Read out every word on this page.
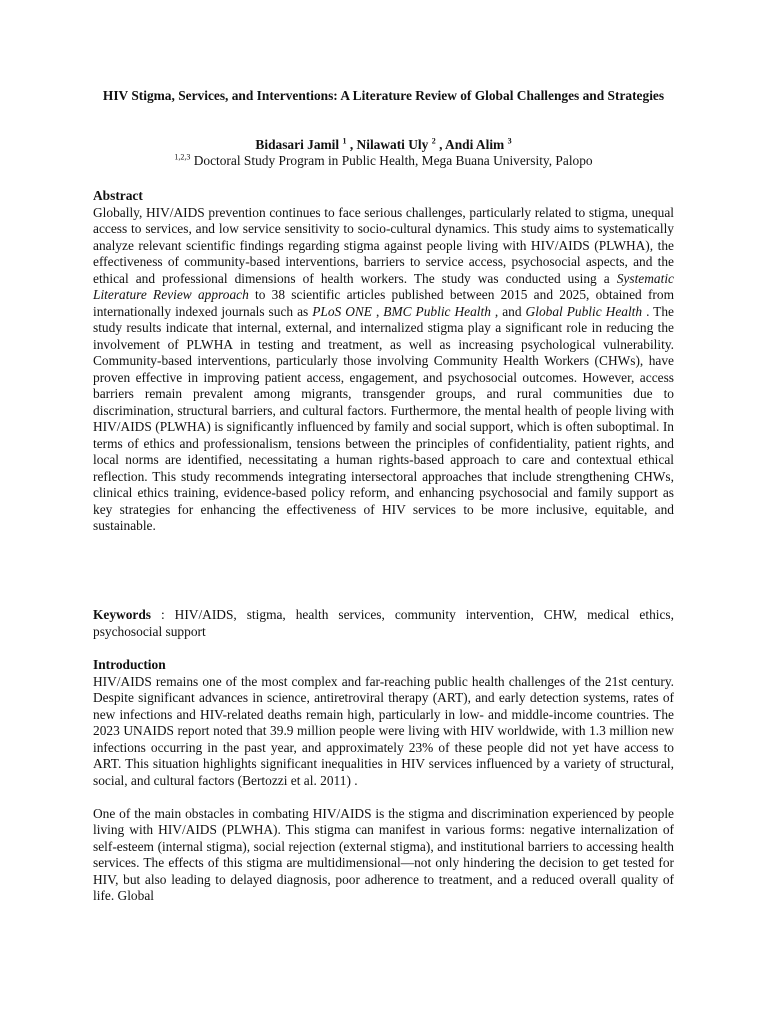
HIV Stigma, Services, and Interventions: A Literature Review of Global Challenges and Strategies
Bidasari Jamil $^1$ , Nilawati Uly $^2$ , Andi Alim $^3$
$^{1,2,3}$ Doctoral Study Program in Public Health, Mega Buana University, Palopo
Abstract

Globally, HIV/AIDS prevention continues to face serious challenges, particularly related to stigma, unequal access to services, and low service sensitivity to socio-cultural dynamics. This study aims to systematically analyze relevant scientific findings regarding stigma against people living with HIV/AIDS (PLWHA), the effectiveness of community-based interventions, barriers to service access, psychosocial aspects, and the ethical and professional dimensions of health workers. The study was conducted using a Systematic Literature Review approach to 38 scientific articles published between 2015 and 2025, obtained from internationally indexed journals such as PLoS ONE , BMC Public Health , and Global Public Health . The study results indicate that internal, external, and internalized stigma play a significant role in reducing the involvement of PLWHA in testing and treatment, as well as increasing psychological vulnerability. Community-based interventions, particularly those involving Community Health Workers (CHWs), have proven effective in improving patient access, engagement, and psychosocial outcomes. However, access barriers remain prevalent among migrants, transgender groups, and rural communities due to discrimination, structural barriers, and cultural factors. Furthermore, the mental health of people living with HIV/AIDS (PLWHA) is significantly influenced by family and social support, which is often suboptimal. In terms of ethics and professionalism, tensions between the principles of confidentiality, patient rights, and local norms are identified, necessitating a human rights-based approach to care and contextual ethical reflection. This study recommends integrating intersectoral approaches that include strengthening CHWs, clinical ethics training, evidence-based policy reform, and enhancing psychosocial and family support as key strategies for enhancing the effectiveness of HIV services to be more inclusive, equitable, and sustainable.

Keywords : HIV/AIDS, stigma, health services, community intervention, CHW, medical ethics, psychosocial support

Introduction

HIV/AIDS remains one of the most complex and far-reaching public health challenges of the 21st century. Despite significant advances in science, antiretroviral therapy (ART), and early detection systems, rates of new infections and HIV-related deaths remain high, particularly in low- and middle-income countries. The 2023 UNAIDS report noted that 39.9 million people were living with HIV worldwide, with 1.3 million new infections occurring in the past year, and approximately 23% of these people did not yet have access to ART. This situation highlights significant inequalities in HIV services influenced by a variety of structural, social, and cultural factors (Bertozzi et al. 2011) .

One of the main obstacles in combating HIV/AIDS is the stigma and discrimination experienced by people living with HIV/AIDS (PLWHA). This stigma can manifest in various forms: negative internalization of self-esteem (internal stigma), social rejection (external stigma), and institutional barriers to accessing health services. The effects of this stigma are multidimensional—not only hindering the decision to get tested for HIV, but also leading to delayed diagnosis, poor adherence to treatment, and a reduced overall quality of life. Global
